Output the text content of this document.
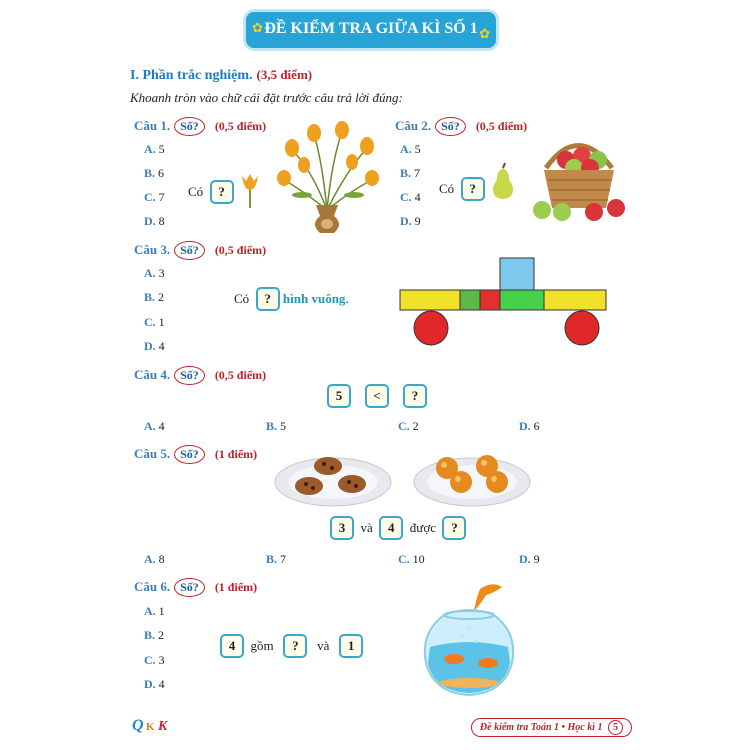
✿ ĐỀ KIỂM TRA GIỮA KÌ SỐ 1 ✿
I. Phần trắc nghiệm. (3,5 điểm)
Khoanh tròn vào chữ cái đặt trước câu trả lời đúng:
Câu 1. Số? (0,5 điểm)
A. 5
B. 6
C. 7
D. 8
Có ?
Câu 2. Số? (0,5 điểm)
A. 5
B. 7
C. 4
D. 9
Có ?
Câu 3. Số? (0,5 điểm)
A. 3
B. 2
C. 1
D. 4
Có ? hình vuông.
Câu 4. Số? (0,5 điểm)
5 < ?
A. 4	B. 5	C. 2	D. 6
Câu 5. Số? (1 điểm)
3 và 4 được ?
A. 8	B. 7	C. 10	D. 9
Câu 6. Số? (1 điểm)
A. 1
B. 2
C. 3
D. 4
4 gồm ? và 1
Q K K	Đề kiểm tra Toán 1 • Học kì 1 5
